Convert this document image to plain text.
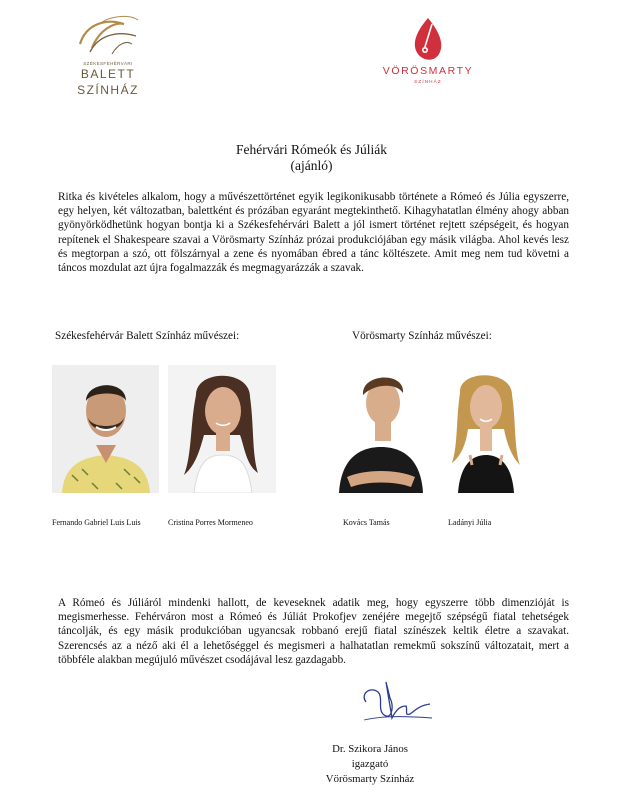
SZÉKESFEHÉRVÁRI
BALETT
SZÍNHÁZ
VÖRÖSMARTY
SZÍNHÁZ
Fehérvári Rómeók és Júliák
(ajánló)
Ritka és kivételes alkalom, hogy a művészettörténet egyik legikonikusabb története a Rómeó és Júlia egyszerre, egy helyen, két változatban, balettként és prózában egyaránt megtekinthető. Kihagyhatatlan élmény ahogy abban gyönyörködhetünk hogyan bontja ki a Székesfehérvári Balett a jól ismert történet rejtett szépségeit, és hogyan repítenek el Shakespeare szavai a Vörösmarty Színház prózai produkciójában egy másik világba. Ahol kevés lesz és megtorpan a szó, ott fölszárnyal a zene és nyomában ébred a tánc költészete. Amit meg nem tud követni a táncos mozdulat azt újra fogalmazzák és megmagyarázzák a szavak.
Székesfehérvár Balett Színház művészei:	Vörösmarty Színház művészei:
Fernando Gabriel Luis Luis	Cristina Porres Mormeneo	Kovács Tamás	Ladányi Júlia
A Rómeó és Júliáról mindenki hallott, de keveseknek adatik meg, hogy egyszerre több dimenzióját is megismerhesse. Fehérváron most a Rómeó és Júliát Prokofjev zenéjére megejtő szépségű fiatal tehetségek táncolják, és egy másik produkcióban ugyancsak robbanó erejű fiatal színészek keltik életre a szavakat. Szerencsés az a néző aki él a lehetőséggel és megismeri a halhatatlan remekmű sokszínű változatait, mert a többféle alakban megújuló művészet csodájával lesz gazdagabb.
Dr. Szikora János
igazgató
Vörösmarty Színház
